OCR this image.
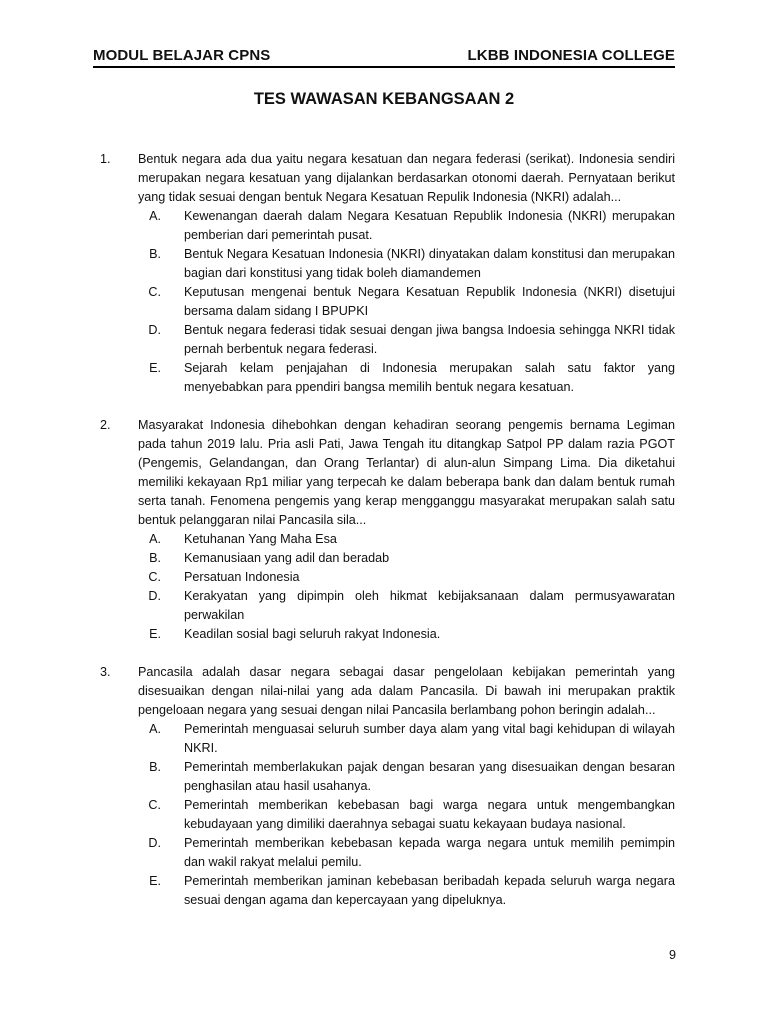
MODUL BELAJAR CPNS	LKBB INDONESIA COLLEGE
TES WAWASAN KEBANGSAAN 2
1.	Bentuk negara ada dua yaitu negara kesatuan dan negara federasi (serikat). Indonesia sendiri merupakan negara kesatuan yang dijalankan berdasarkan otonomi daerah. Pernyataan berikut yang tidak sesuai dengan bentuk Negara Kesatuan Repulik Indonesia (NKRI) adalah...
A.	Kewenangan daerah dalam Negara Kesatuan Republik Indonesia (NKRI) merupakan pemberian dari pemerintah pusat.
B.	Bentuk Negara Kesatuan Indonesia (NKRI) dinyatakan dalam konstitusi dan merupakan bagian dari konstitusi yang tidak boleh diamandemen
C.	Keputusan mengenai bentuk Negara Kesatuan Republik Indonesia (NKRI) disetujui bersama dalam sidang I BPUPKI
D.	Bentuk negara federasi tidak sesuai dengan jiwa bangsa Indoesia sehingga NKRI tidak pernah berbentuk negara federasi.
E.	Sejarah kelam penjajahan di Indonesia merupakan salah satu faktor yang menyebabkan para ppendiri bangsa memilih bentuk negara kesatuan.
2.	Masyarakat Indonesia dihebohkan dengan kehadiran seorang pengemis bernama Legiman pada tahun 2019 lalu. Pria asli Pati, Jawa Tengah itu ditangkap Satpol PP dalam razia PGOT (Pengemis, Gelandangan, dan Orang Terlantar) di alun-alun Simpang Lima. Dia diketahui memiliki kekayaan Rp1 miliar yang terpecah ke dalam beberapa bank dan dalam bentuk rumah serta tanah. Fenomena pengemis yang kerap mengganggu masyarakat merupakan salah satu bentuk pelanggaran nilai Pancasila sila...
A.	Ketuhanan Yang Maha Esa
B.	Kemanusiaan yang adil dan beradab
C.	Persatuan Indonesia
D.	Kerakyatan yang dipimpin oleh hikmat kebijaksanaan dalam permusyawaratan perwakilan
E.	Keadilan sosial bagi seluruh rakyat Indonesia.
3.	Pancasila adalah dasar negara sebagai dasar pengelolaan kebijakan pemerintah yang disesuaikan dengan nilai-nilai yang ada dalam Pancasila. Di bawah ini merupakan praktik pengeloaan negara yang sesuai dengan nilai Pancasila berlambang pohon beringin adalah...
A.	Pemerintah menguasai seluruh sumber daya alam yang vital bagi kehidupan di wilayah NKRI.
B.	Pemerintah memberlakukan pajak dengan besaran yang disesuaikan dengan besaran penghasilan atau hasil usahanya.
C.	Pemerintah memberikan kebebasan bagi warga negara untuk mengembangkan kebudayaan yang dimiliki daerahnya sebagai suatu kekayaan budaya nasional.
D.	Pemerintah memberikan kebebasan kepada warga negara untuk memilih pemimpin dan wakil rakyat melalui pemilu.
E.	Pemerintah memberikan jaminan kebebasan beribadah kepada seluruh warga negara sesuai dengan agama dan kepercayaan yang dipeluknya.
9
